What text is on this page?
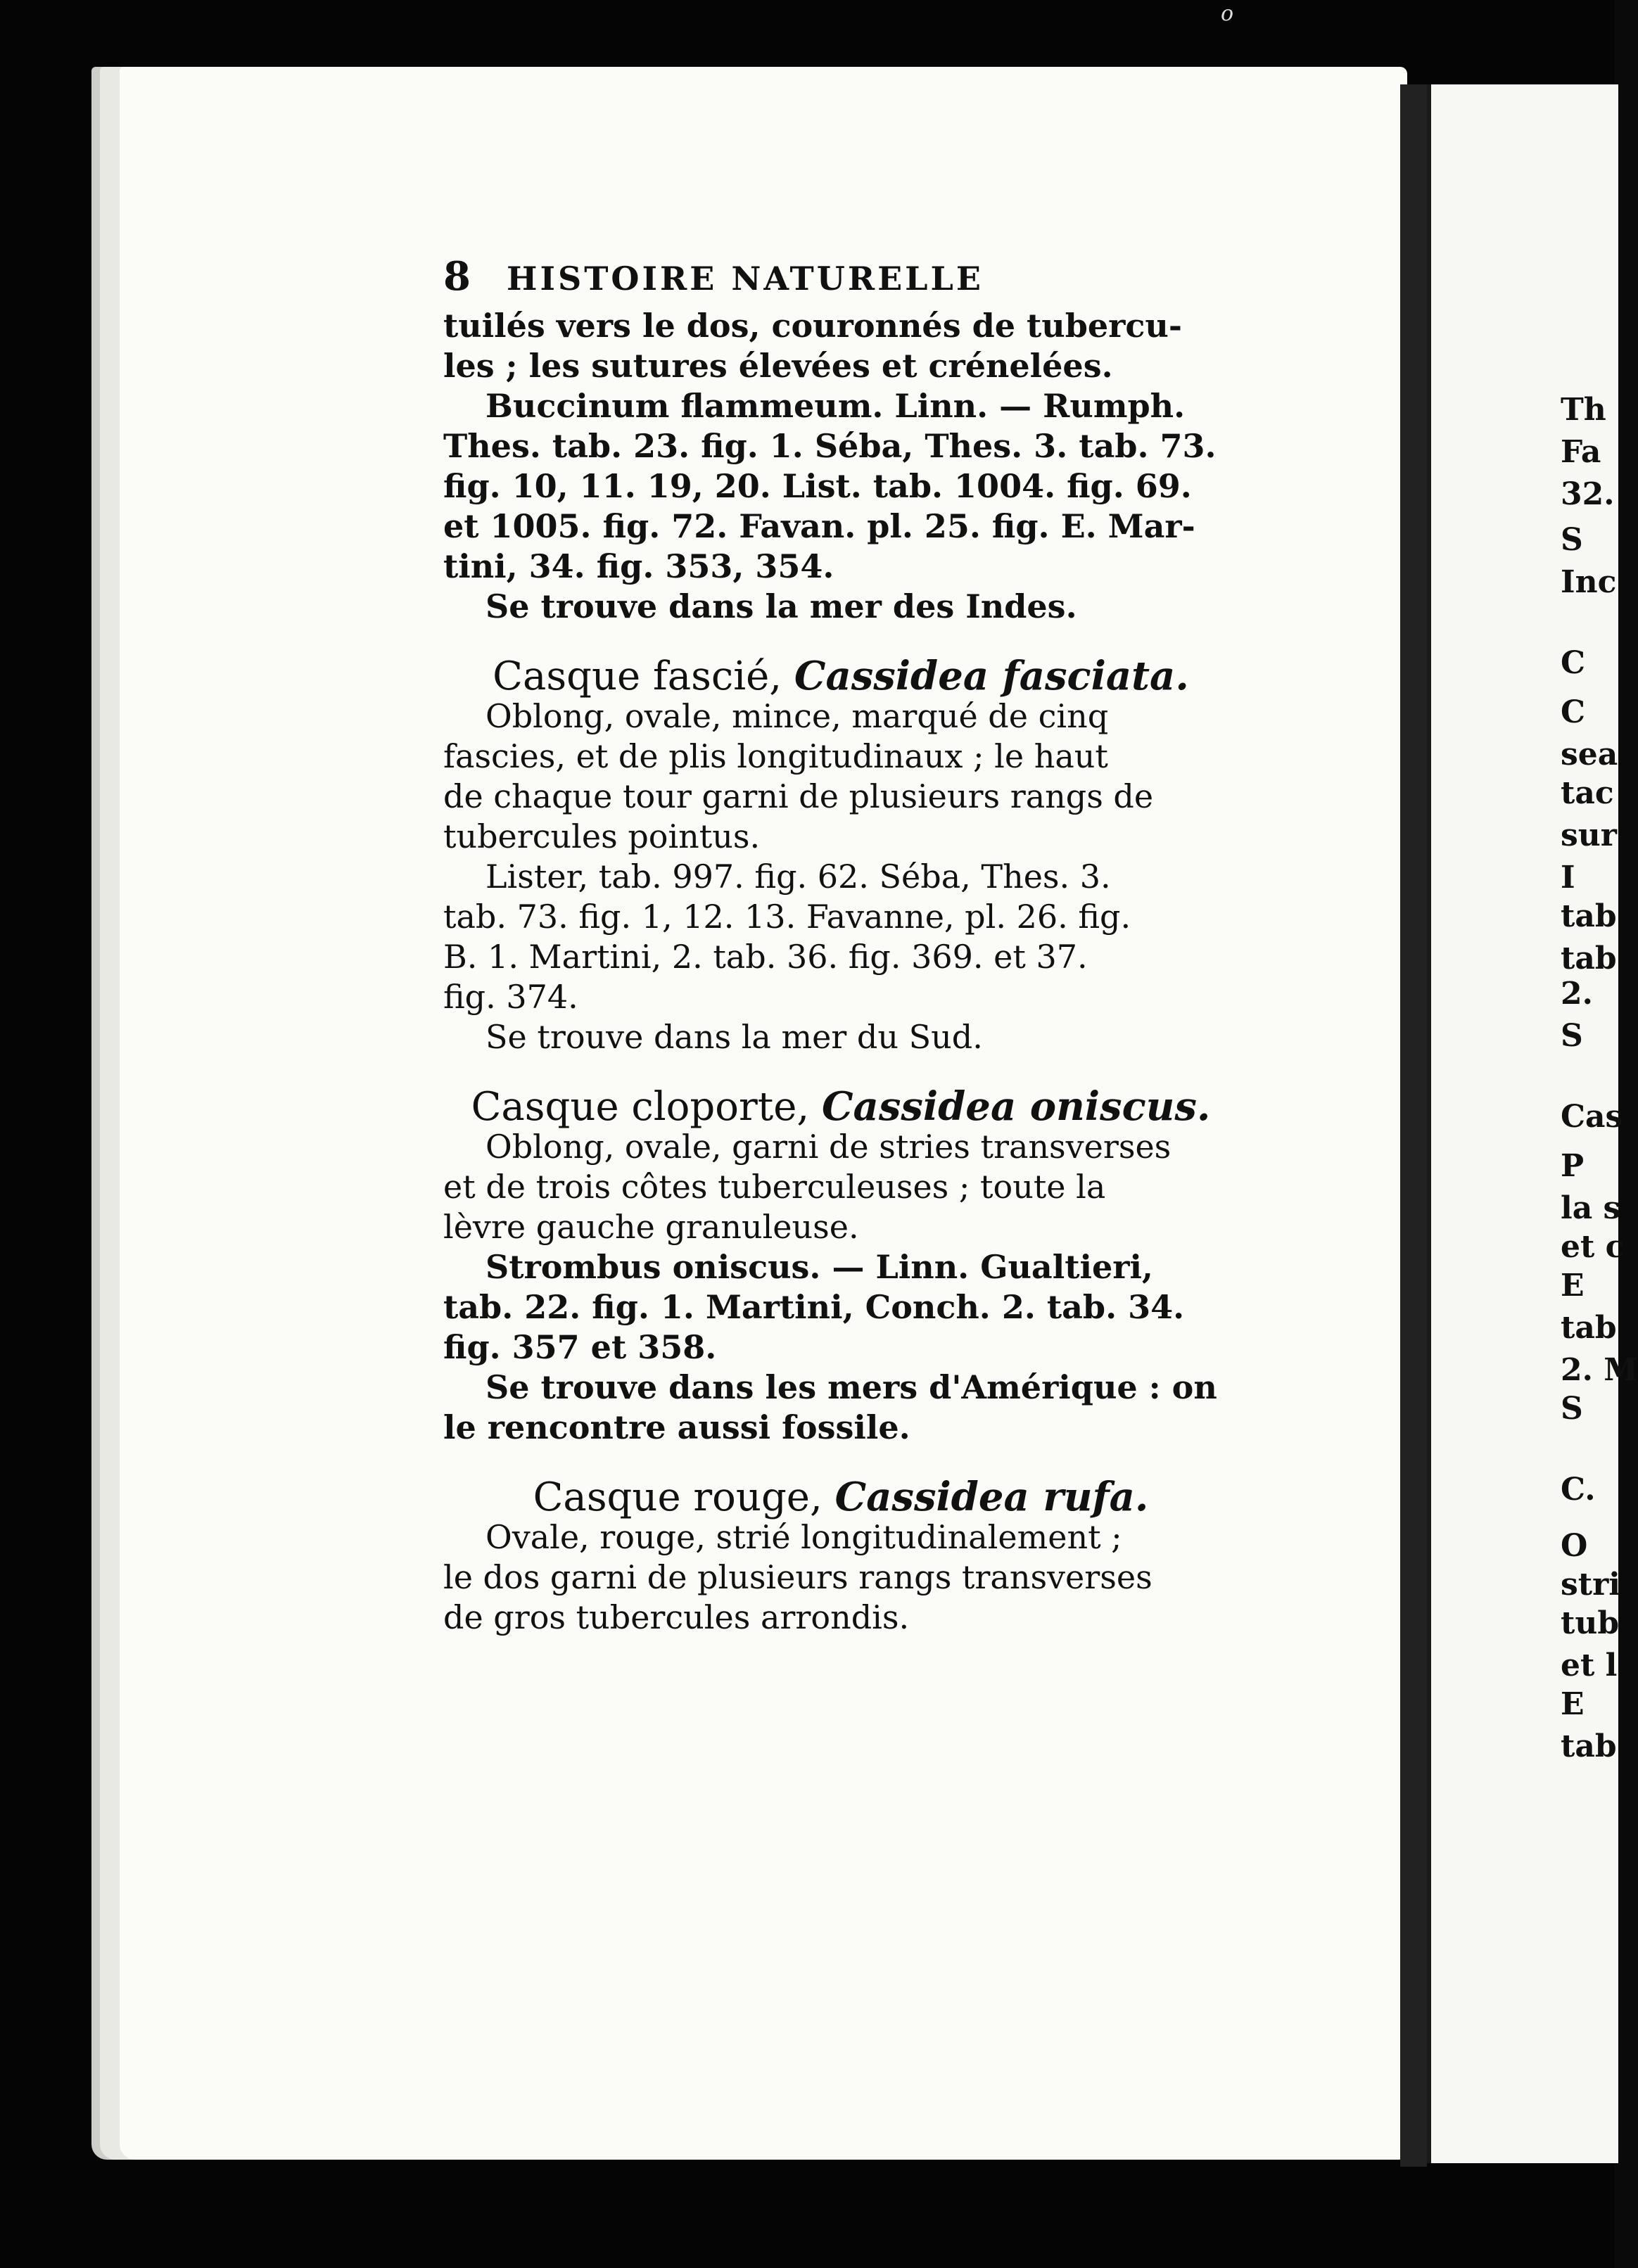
o
8	HISTOIRE NATURELLE

tuilés vers le dos, couronnés de tubercu-

les ; les sutures élevées et crénelées.

Buccinum flammeum. Linn. — Rumph.

Thes. tab. 23. fig. 1. Séba, Thes. 3. tab. 73.

fig. 10, 11. 19, 20. List. tab. 1004. fig. 69.

et 1005. fig. 72. Favan. pl. 25. fig. E. Mar-

tini, 34. fig. 353, 354.

Se trouve dans la mer des Indes.

Casque fascié, Cassidea fasciata.

Oblong, ovale, mince, marqué de cinq

fascies, et de plis longitudinaux ; le haut

de chaque tour garni de plusieurs rangs de

tubercules pointus.

Lister, tab. 997. fig. 62. Séba, Thes. 3.

tab. 73. fig. 1, 12. 13. Favanne, pl. 26. fig.

B. 1. Martini, 2. tab. 36. fig. 369. et 37.

fig. 374.

Se trouve dans la mer du Sud.

Casque cloporte, Cassidea oniscus.

Oblong, ovale, garni de stries transverses

et de trois côtes tuberculeuses ; toute la

lèvre gauche granuleuse.

Strombus oniscus. — Linn. Gualtieri,

tab. 22. fig. 1. Martini, Conch. 2. tab. 34.

fig. 357 et 358.

Se trouve dans les mers d'Amérique : on

le rencontre aussi fossile.

Casque rouge, Cassidea rufa.

Ovale, rouge, strié longitudinalement ;

le dos garni de plusieurs rangs transverses

de gros tubercules arrondis.

Th
Fa
32.
S
Inc
C
C
sea
tac
sur
I
tab
tab
2.
S
Cas
P
la s
et c
E
tab
2. M
S
C.
O
stri
tub
et l
E
tab
